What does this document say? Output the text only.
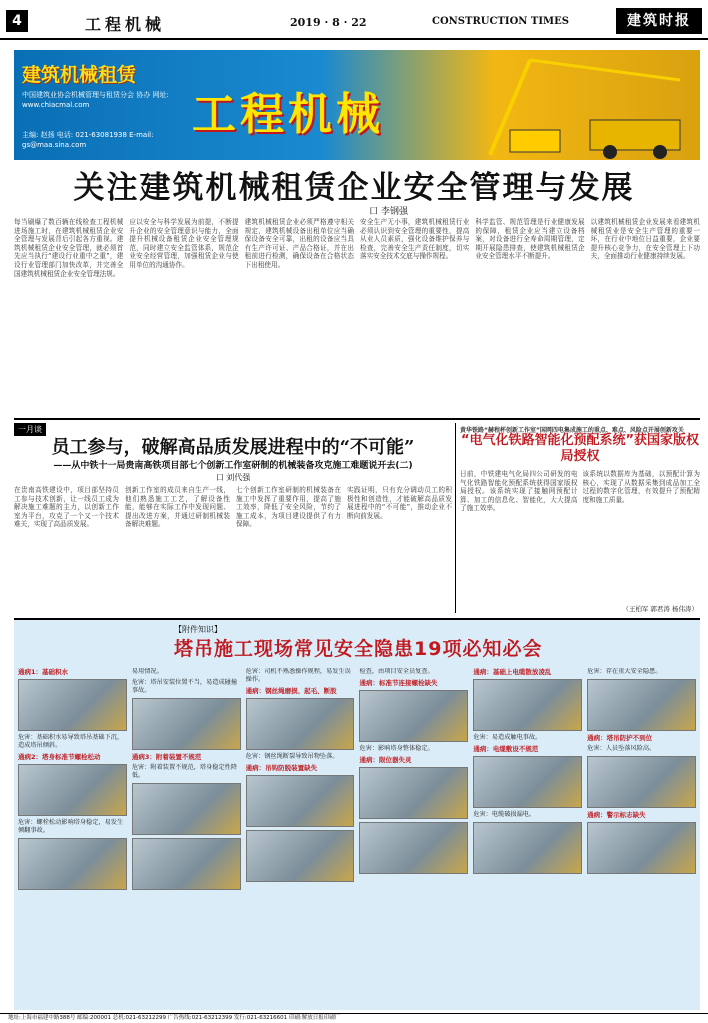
4	工程机械	2019 · 8 · 22	CONSTRUCTION TIMES	建筑时报
建筑机械租赁
中国建筑业协会机械管理与租赁分会 协办 网址: www.chiacmal.com
主编: 赵扬 电话: 021-63081938 E-mail: gs@maa.sina.com
工程机械
关注建筑机械租赁企业安全管理与发展
口 李钢强
每当刷爆了数百辆在线检查工程机械进场施工时，在建筑机械租赁企业安全管理与发展背后引起各方重视。建筑机械租赁企业安全管理，就必须首先应当执行“建设行业重中之重”，建设行业管理部门加快改革，并完善全国建筑机械租赁企业安全管理法规。
应以安全与科学发展为前提，不断提升企业的安全管理意识与能力，全面提升机械设备租赁企业安全管理规范，同时建立安全监管体系，规范企业安全经营管理，加强租赁企业与使用单位的沟通协作。
建筑机械租赁企业必须严格遵守相关规定，建筑机械设备出租单位应当确保设备安全可靠，出租的设备应当具有生产许可证、产品合格证，并在出租前进行检测，确保设备在合格状态下出租使用。
安全生产无小事，建筑机械租赁行业必须认识到安全管理的重要性，提高从业人员素质，强化设备维护保养与检查，完善安全生产责任制度，切实落实安全技术交底与操作规程。
科学监管、规范管理是行业健康发展的保障，租赁企业应当建立设备档案，对设备进行全寿命周期管理，定期开展隐患排查，使建筑机械租赁企业安全管理水平不断提升。
以建筑机械租赁企业发展来看建筑机械租赁业是安全生产管理的重要一环，在行业中地位日益重要，企业要提升核心竞争力，在安全管理上下功夫，全面推动行业健康持续发展。
一月谈
员工参与，破解高品质发展进程中的“不可能”
——从中铁十一局贵南高铁项目部七个创新工作室研制的机械装备攻克施工难题说开去(二)
口 刘代强
在贵南高铁建设中，项目部坚持员工参与技术创新，让一线员工成为解决施工难题的主力，以创新工作室为平台，攻克了一个又一个技术难关，实现了高品质发展。
创新工作室的成员来自生产一线，他们熟悉施工工艺，了解设备性能，能够在实际工作中发现问题、提出改进方案，并通过研制机械装备解决难题。
七个创新工作室研制的机械装备在施工中发挥了重要作用，提高了施工效率，降低了安全风险，节约了施工成本，为项目建设提供了有力保障。
实践证明，只有充分调动员工的积极性和创造性，才能破解高品质发展进程中的“不可能”，推动企业不断向前发展。
黄华铁路“赫程杯创新工作室”国网四电集成施工的重点、难点、风险点开展创新攻关
“电气化铁路智能化预配系统”获国家版权局授权
日前，中铁建电气化局四公司研发的电气化铁路智能化预配系统获得国家版权局授权。该系统实现了接触网预配计算、加工的信息化、智能化，大大提高了施工效率。
该系统以数据库为基础，以预配计算为核心，实现了从数据采集到成品加工全过程的数字化管理，有效提升了预配精度和施工质量。
（王柏军 郭君涛 杨伟涛）
【附件知识】
塔吊施工现场常见安全隐患19项必知必会
通病1：基础积水
危害：基础积水易导致塔吊基础下沉，造成塔吊倾斜。
通病2：塔身标准节螺栓松动
危害：螺栓松动影响塔身稳定，易发生倾翻事故。
易用情况。
危害：塔吊安装位置不当，易造成碰撞事故。
通病3：附着装置不规范
危害：附着装置不规范，塔身稳定性降低。
危害：司机不熟悉操作规程，易发生误操作。
通病：钢丝绳磨损、起毛、断股
危害：钢丝绳断裂导致吊物坠落。
通病：吊钩防脱装置缺失
检查，由项目安全员复查。
通病：标准节连接螺栓缺失
危害：影响塔身整体稳定。
通病：限位器失灵
通病：基础上电缆散放凌乱
危害：易造成触电事故。
通病：电缆敷设不规范
危害：电缆破损漏电。
危害：存在重大安全隐患。
通病：塔吊防护不到位
危害：人员坠落风险高。
通病：警示标志缺失
地址:上海市福建中路388号 邮编:200001 总机:021-63212299 广告热线:021-63212399 发行:021-63216601 印刷:解放日报印刷厂
